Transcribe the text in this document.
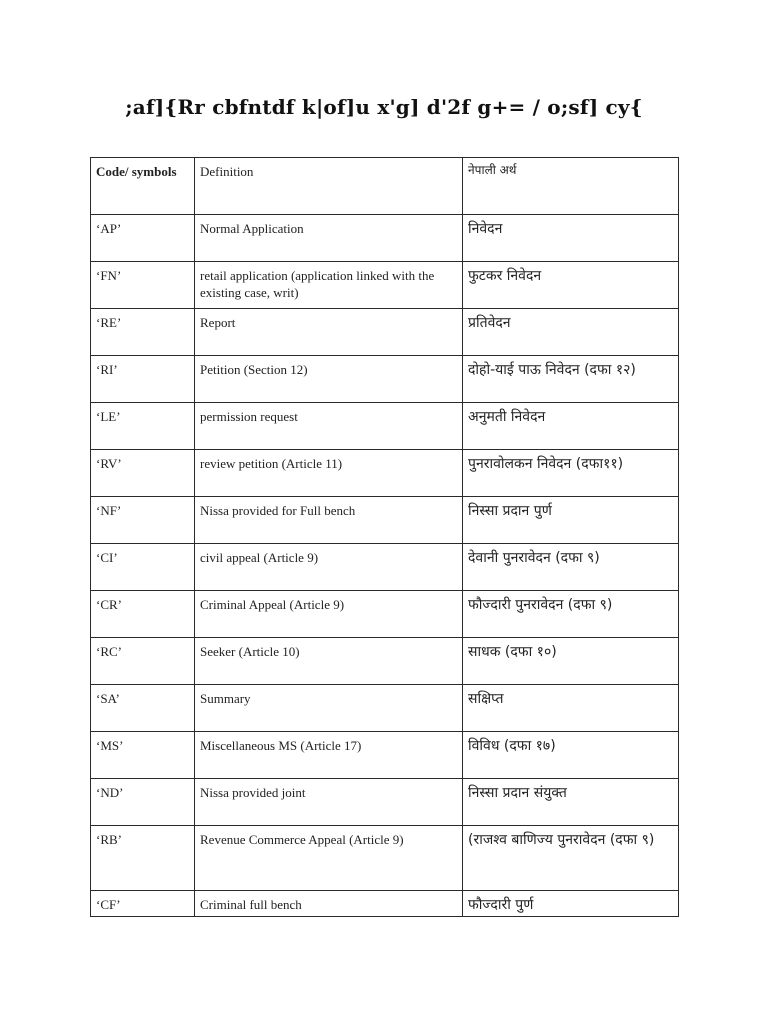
;af]{Rr cbfntdf k|of]u x'g] d'2f g+= / o;sf] cy{
Code/ symbols	Definition	नेपाली अर्थ
‘AP’	Normal Application	निवेदन
‘FN’	retail application (application linked with the existing case, writ)	फुटकर निवेदन
‘RE’	Report	प्रतिवेदन
‘RI’	Petition (Section 12)	दोहो-याई पाऊ निवेदन (दफा १२)
‘LE’	permission request	अनुमती निवेदन
‘RV’	review petition (Article 11)	पुनरावोलकन निवेदन (दफा११)
‘NF’	Nissa provided for Full bench	निस्सा प्रदान पुर्ण
‘CI’	civil appeal (Article 9)	देवानी पुनरावेदन (दफा ९)
‘CR’	Criminal Appeal (Article 9)	फौज्दारी पुनरावेदन (दफा ९)
‘RC’	Seeker (Article 10)	साधक (दफा १०)
‘SA’	Summary	सक्षिप्त
‘MS’	Miscellaneous MS (Article 17)	विविध (दफा १७)
‘ND’	Nissa provided joint	निस्सा प्रदान संयुक्त
‘RB’	Revenue Commerce Appeal (Article 9)	(राजश्व बाणिज्य पुनरावेदन (दफा ९)
‘CF’	Criminal full bench	फौज्दारी पुर्ण
